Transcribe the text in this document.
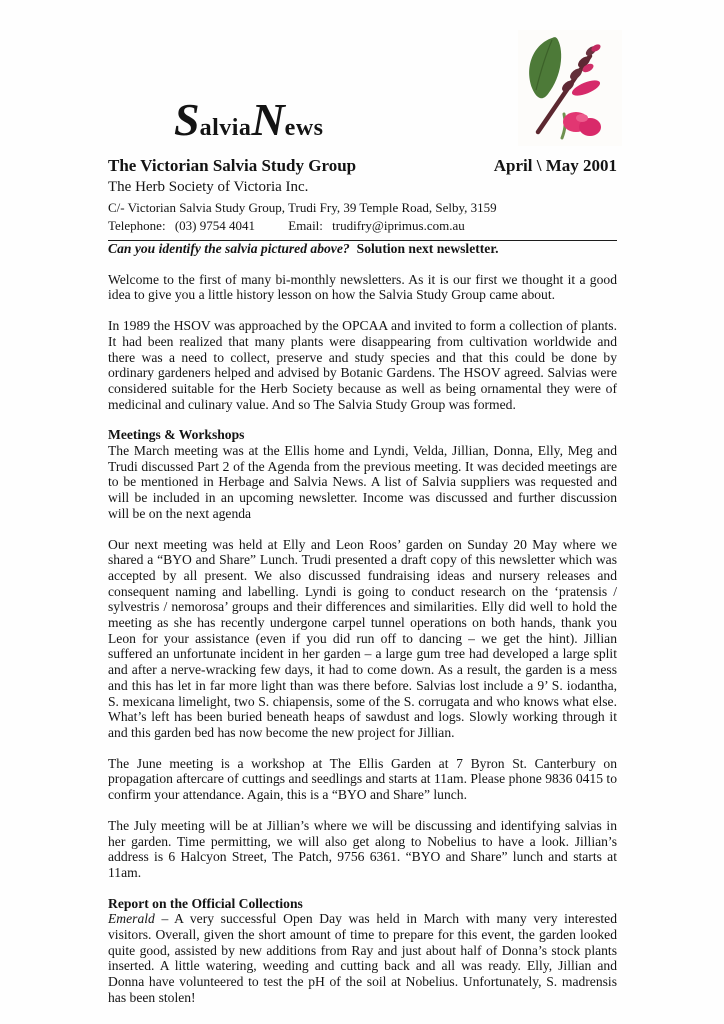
SalviaNews
The Victorian Salvia Study Group	April \ May 2001
The Herb Society of Victoria Inc.
C/- Victorian Salvia Study Group, Trudi Fry, 39 Temple Road, Selby, 3159
Telephone: (03) 9754 4041	Email: trudifry@iprimus.com.au

Can you identify the salvia pictured above? Solution next newsletter.

Welcome to the first of many bi-monthly newsletters. As it is our first we thought it a good idea to give you a little history lesson on how the Salvia Study Group came about.

In 1989 the HSOV was approached by the OPCAA and invited to form a collection of plants. It had been realized that many plants were disappearing from cultivation worldwide and there was a need to collect, preserve and study species and that this could be done by ordinary gardeners helped and advised by Botanic Gardens. The HSOV agreed. Salvias were considered suitable for the Herb Society because as well as being ornamental they were of medicinal and culinary value. And so The Salvia Study Group was formed.

Meetings & Workshops

The March meeting was at the Ellis home and Lyndi, Velda, Jillian, Donna, Elly, Meg and Trudi discussed Part 2 of the Agenda from the previous meeting. It was decided meetings are to be mentioned in Herbage and Salvia News. A list of Salvia suppliers was requested and will be included in an upcoming newsletter. Income was discussed and further discussion will be on the next agenda

Our next meeting was held at Elly and Leon Roos’ garden on Sunday 20 May where we shared a “BYO and Share” Lunch. Trudi presented a draft copy of this newsletter which was accepted by all present. We also discussed fundraising ideas and nursery releases and consequent naming and labelling. Lyndi is going to conduct research on the ‘pratensis / sylvestris / nemorosa’ groups and their differences and similarities. Elly did well to hold the meeting as she has recently undergone carpel tunnel operations on both hands, thank you Leon for your assistance (even if you did run off to dancing – we get the hint). Jillian suffered an unfortunate incident in her garden – a large gum tree had developed a large split and after a nerve-wracking few days, it had to come down. As a result, the garden is a mess and this has let in far more light than was there before. Salvias lost include a 9’ S. iodantha, S. mexicana limelight, two S. chiapensis, some of the S. corrugata and who knows what else. What’s left has been buried beneath heaps of sawdust and logs. Slowly working through it and this garden bed has now become the new project for Jillian.

The June meeting is a workshop at The Ellis Garden at 7 Byron St. Canterbury on propagation aftercare of cuttings and seedlings and starts at 11am. Please phone 9836 0415 to confirm your attendance. Again, this is a “BYO and Share” lunch.

The July meeting will be at Jillian’s where we will be discussing and identifying salvias in her garden. Time permitting, we will also get along to Nobelius to have a look. Jillian’s address is 6 Halcyon Street, The Patch, 9756 6361. “BYO and Share” lunch and starts at 11am.

Report on the Official Collections

Emerald – A very successful Open Day was held in March with many very interested visitors. Overall, given the short amount of time to prepare for this event, the garden looked quite good, assisted by new additions from Ray and just about half of Donna’s stock plants inserted. A little watering, weeding and cutting back and all was ready. Elly, Jillian and Donna have volunteered to test the pH of the soil at Nobelius. Unfortunately, S. madrensis has been stolen!
